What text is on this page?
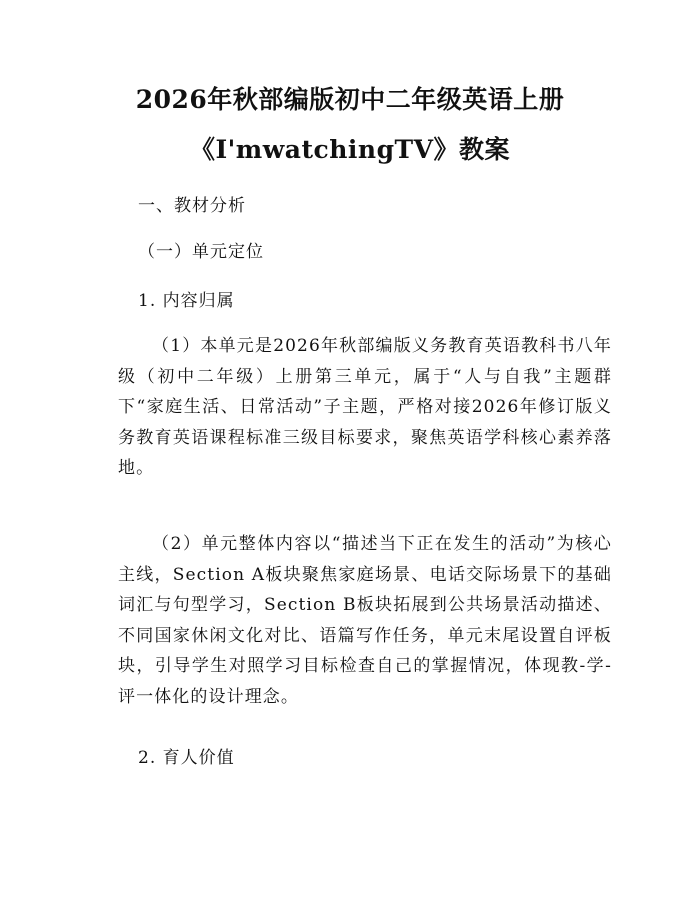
2026年秋部编版初中二年级英语上册
《I'mwatchingTV》教案
一、教材分析
（一）单元定位
1. 内容归属
（1）本单元是2026年秋部编版义务教育英语教科书八年级（初中二年级）上册第三单元，属于“人与自我”主题群下“家庭生活、日常活动”子主题，严格对接2026年修订版义务教育英语课程标准三级目标要求，聚焦英语学科核心素养落地。
（2）单元整体内容以“描述当下正在发生的活动”为核心主线，Section A板块聚焦家庭场景、电话交际场景下的基础词汇与句型学习，Section B板块拓展到公共场景活动描述、不同国家休闲文化对比、语篇写作任务，单元末尾设置自评板块，引导学生对照学习目标检查自己的掌握情况，体现教-学-评一体化的设计理念。
2. 育人价值
